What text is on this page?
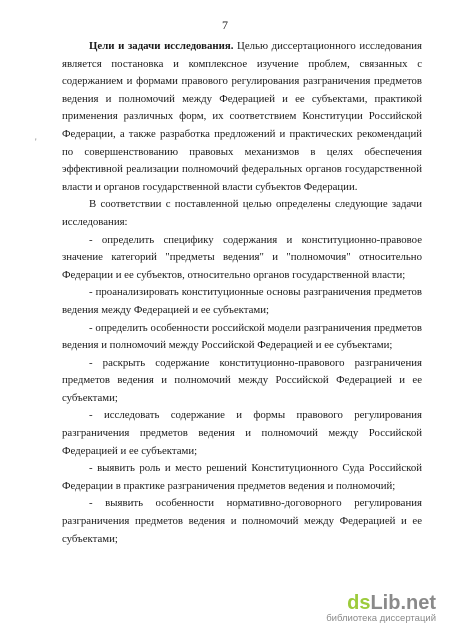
7
'

Цели и задачи исследования. Целью диссертационного исследования является постановка и комплексное изучение проблем, связанных с содержанием и формами правового регулирования разграничения предметов ведения и полномочий между Федерацией и ее субъектами, практикой применения различных форм, их соответствием Конституции Российской Федерации, а также разработка предложений и практических рекомендаций по совершенствованию правовых механизмов в целях обеспечения эффективной реализации полномочий федеральных органов государственной власти и органов государственной власти субъектов Федерации.

В соответствии с поставленной целью определены следующие задачи исследования:

- определить специфику содержания и конституционно-правовое значение категорий "предметы ведения" и "полномочия" относительно Федерации и ее субъектов, относительно органов государственной власти;

- проанализировать конституционные основы разграничения предметов ведения между Федерацией и ее субъектами;

- определить особенности российской модели разграничения предметов ведения и полномочий между Российской Федерацией и ее субъектами;

- раскрыть содержание конституционно-правового разграничения предметов ведения и полномочий между Российской Федерацией и ее субъектами;

- исследовать содержание и формы правового регулирования разграничения предметов ведения и полномочий между Российской Федерацией и ее субъектами;

- выявить роль и место решений Конституционного Суда Российской Федерации в практике разграничения предметов ведения и полномочий;

- выявить особенности нормативно-договорного регулирования разграничения предметов ведения и полномочий между Федерацией и ее субъектами;

dsLib.net
библиотека диссертаций
